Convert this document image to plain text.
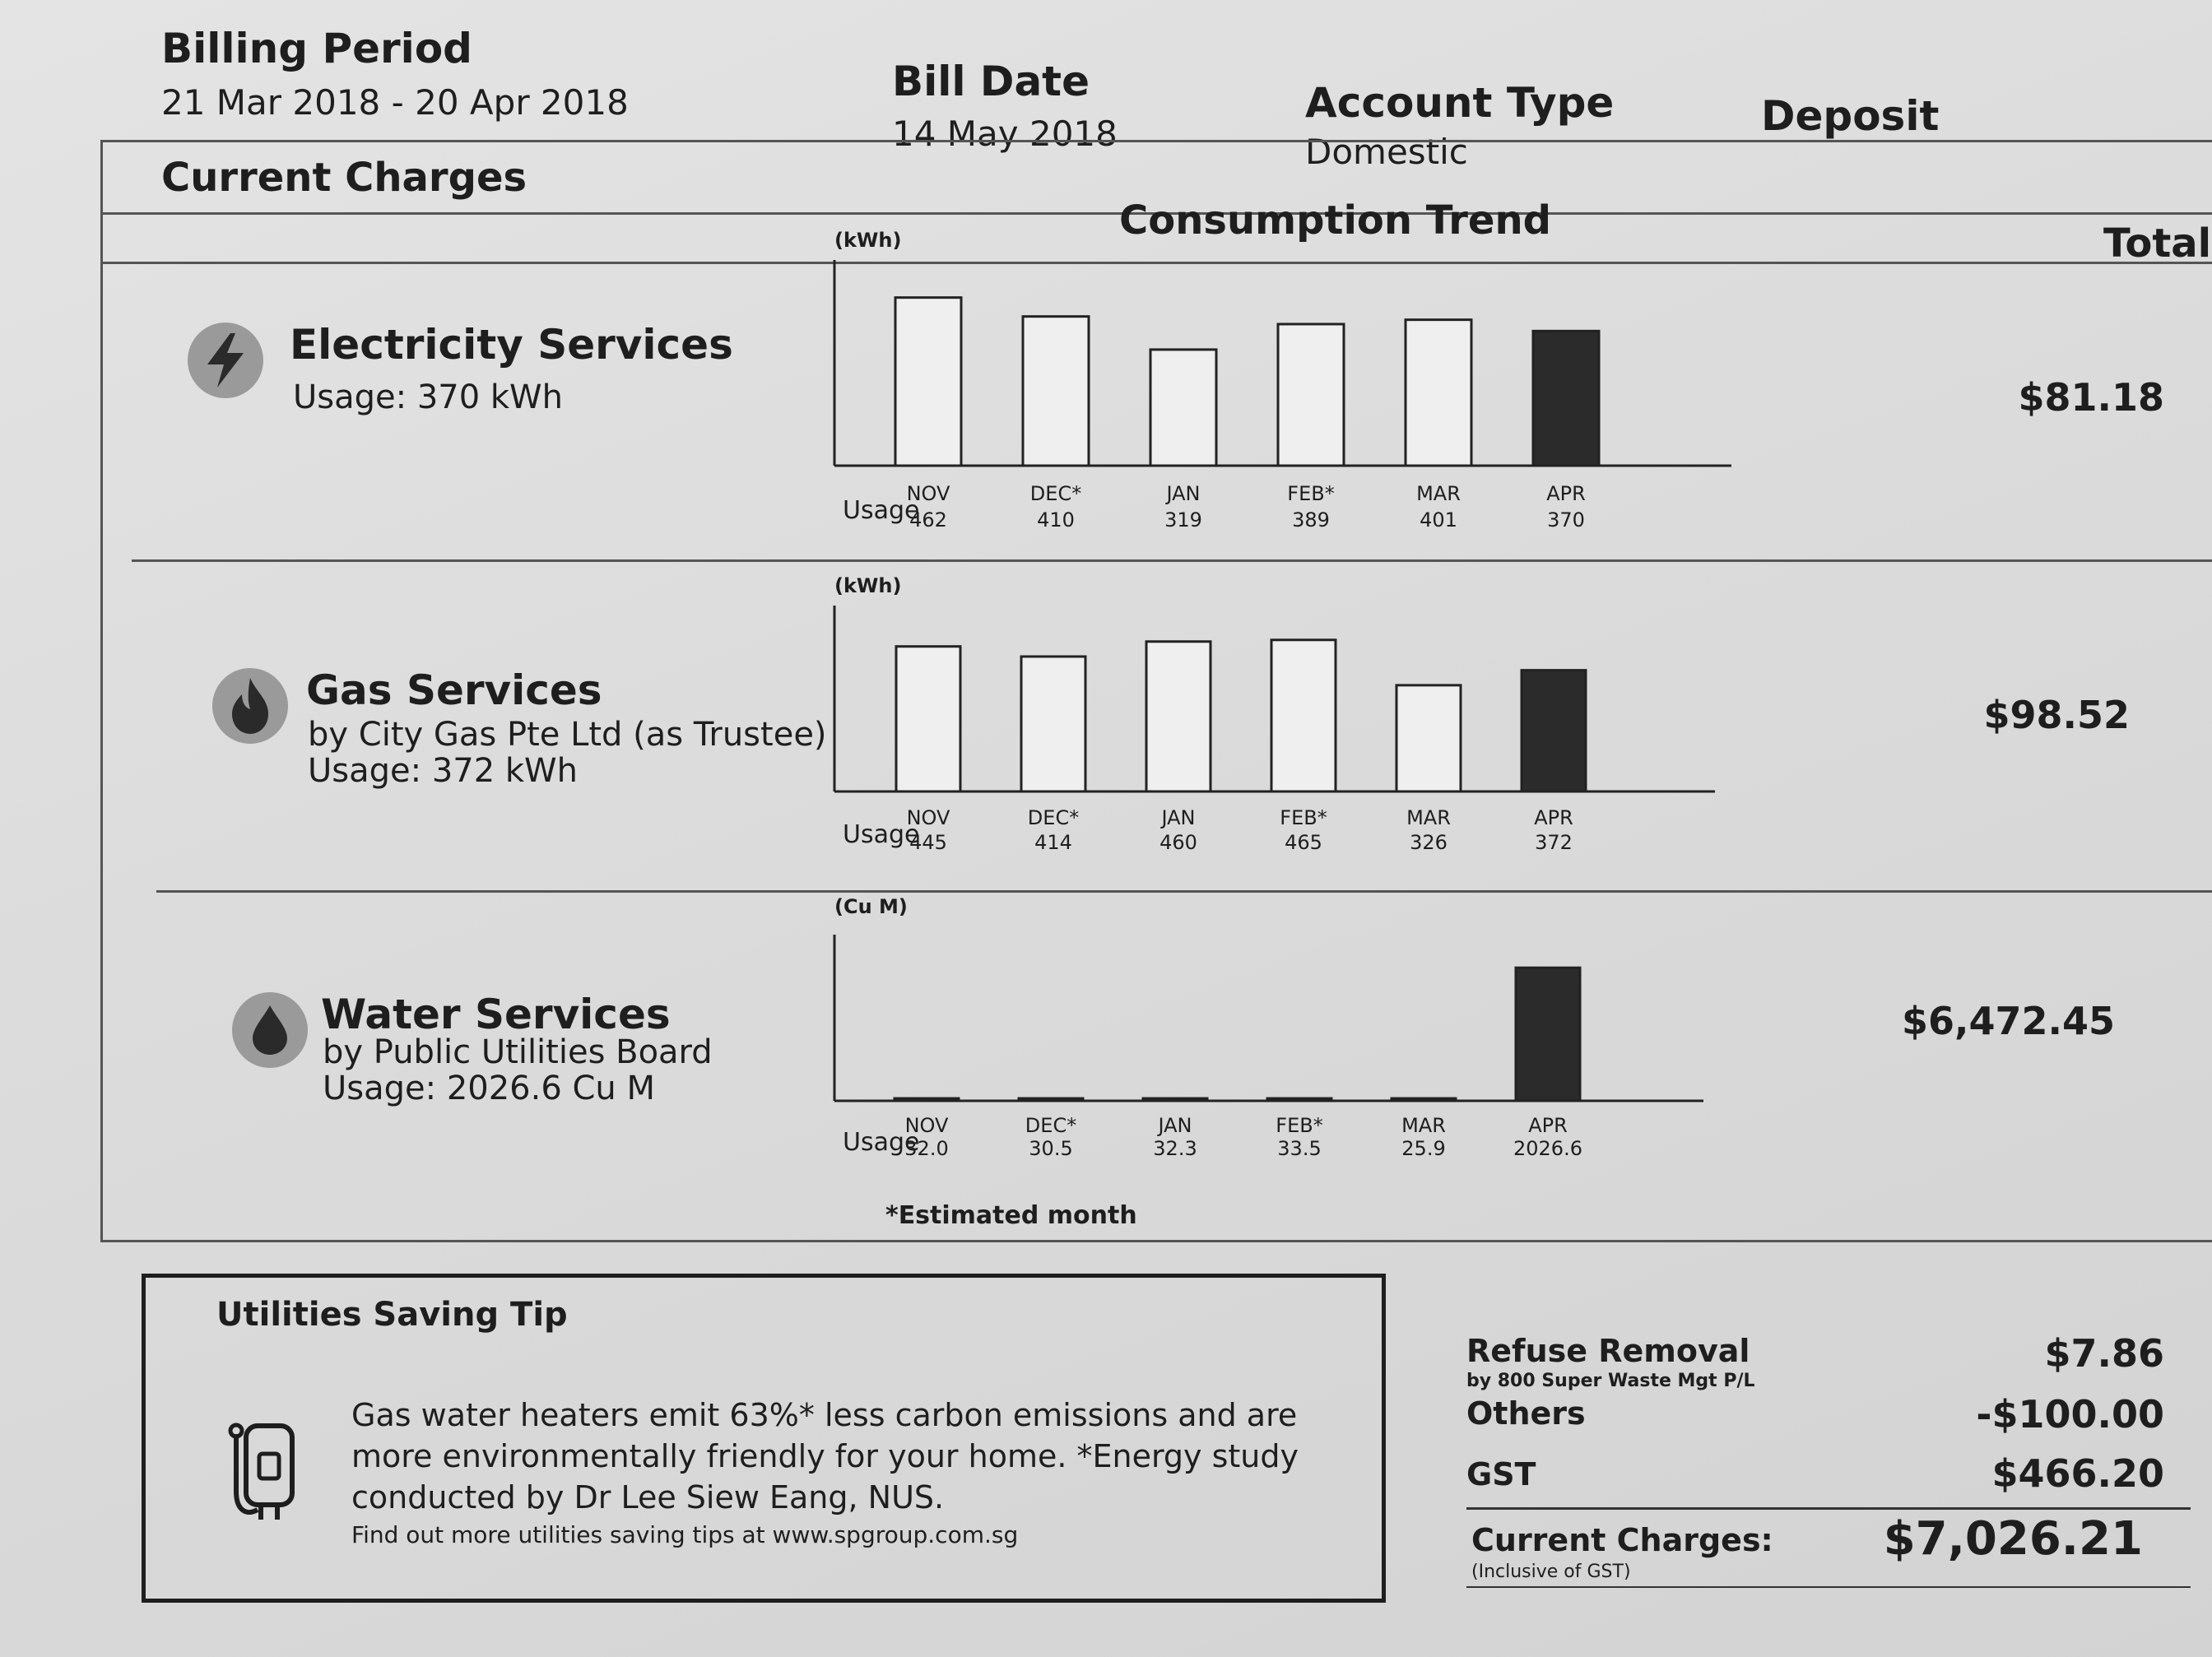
Billing Period
21 Mar 2018 - 20 Apr 2018	Bill Date
14 May 2018
Account Type
Domestic
Deposit
Current Charges
Consumption Trend	Total
Electricity Services
Usage: 370 kWh	$81.18
Gas Services
by City Gas Pte Ltd (as Trustee)
Usage: 372 kWh
$98.52
Water Services
by Public Utilities Board
Usage: 2026.6 Cu M
$6,472.45
(kWh)
Usage
NOV
462
DEC*
410
JAN
319
FEB*
389
MAR
401
APR
370
(kWh)
Usage
NOV
445
DEC*
414
JAN
460
FEB*
465
MAR
326
APR
372
(Cu M)
Usage
NOV
32.0
DEC*
30.5
JAN
32.3
FEB*
33.5
MAR
25.9
APR
2026.6
*Estimated month
Utilities Saving Tip
Gas water heaters emit 63%* less carbon emissions and are more environmentally friendly for your home. *Energy study conducted by Dr Lee Siew Eang, NUS.
Find out more utilities saving tips at www.spgroup.com.sg
Refuse Removal
by 800 Super Waste Mgt P/L
$7.86
Others	-$100.00
GST	$466.20
Current Charges:
(Inclusive of GST)
$7,026.21
